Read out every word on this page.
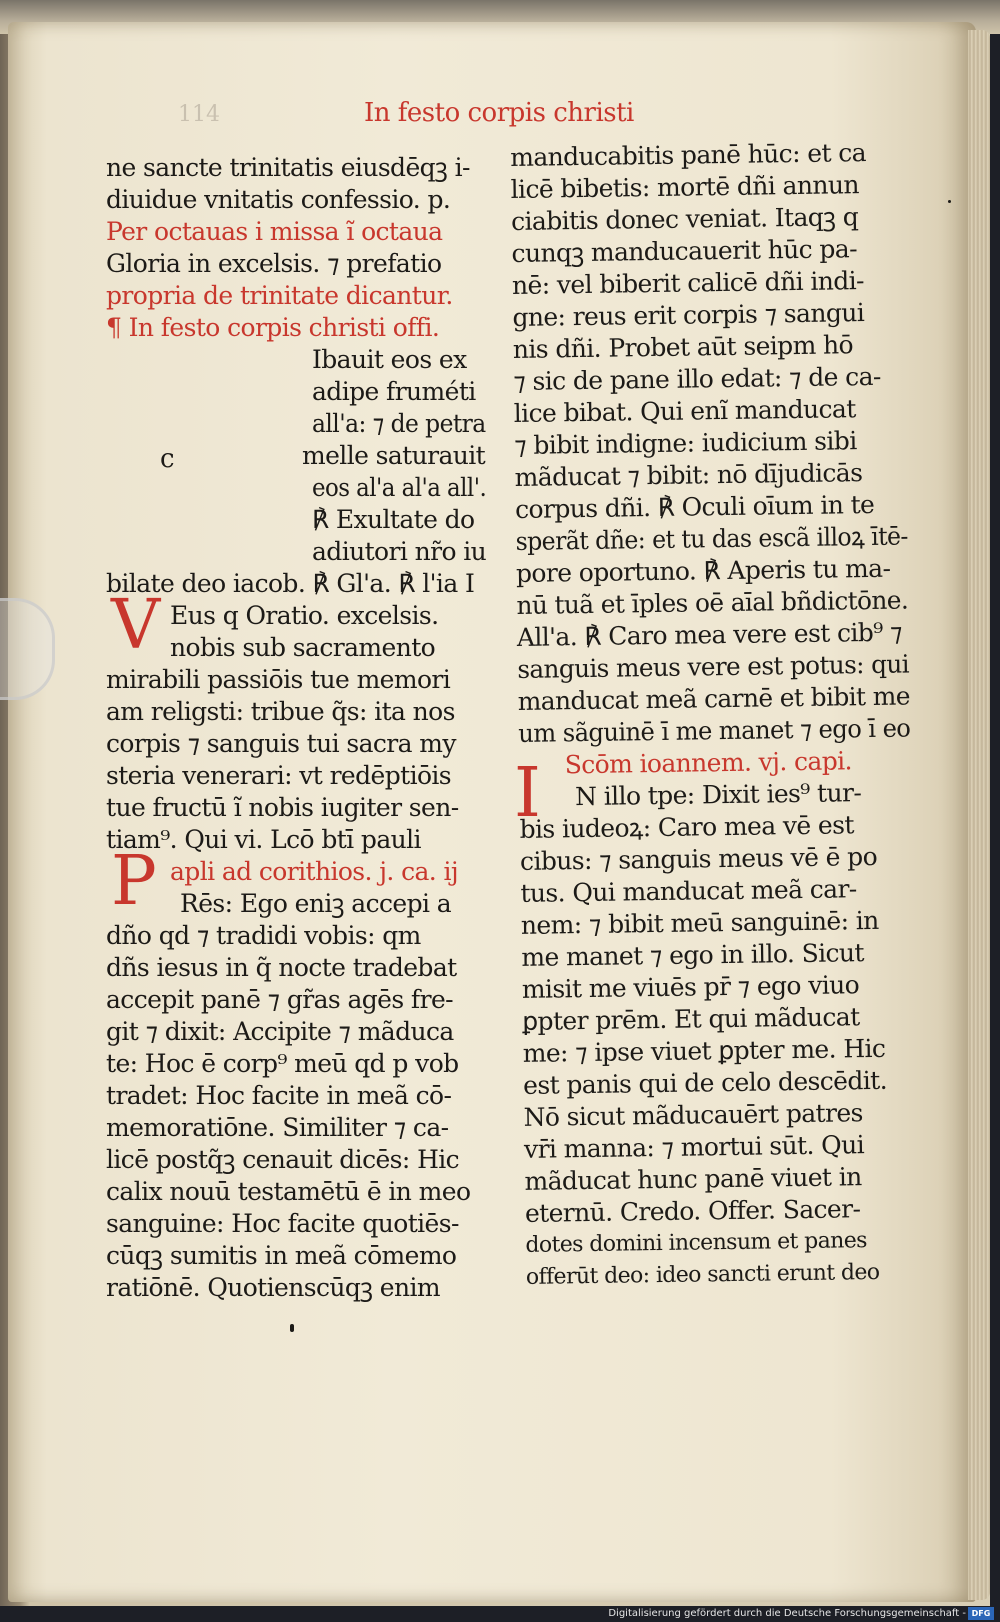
114	In festo corpis christi
c
V
P
I
ne sancte trinitatis eiusdēqꝫ i-
diuidue vnitatis confessio. p.
Per octauas i missa ĩ octaua
Gloria in excelsis. ⁊ prefatio
propria de trinitate dicantur.
¶ In festo corpis christi offi.
Ibauit eos ex
adipe fruméti
all'a: ⁊ de petra
melle saturauit
eos al'a al'a all'.
℟ Exultate do
adiutori nr̃o iu
bilate deo iacob. ℟ Gl'a. ℟ l'ia I
Eus q Oratio. excelsis.
nobis sub sacramento
mirabili passiōis tue memori
am religsti: tribue q̃s: ita nos
corpis ⁊ sanguis tui sacra my
steria venerari: vt redēptiōis
tue fructū ĩ nobis iugiter sen-
tiam⁹. Qui vi. Lcō btī pauli
apli ad corithios. j. ca. ij
Rēs: Ego eniꝫ accepi a
dño qd ⁊ tradidi vobis: qm
dñs iesus in q̃ nocte tradebat
accepit panē ⁊ gr̃as agēs fre-
git ⁊ dixit: Accipite ⁊ mãduca
te: Hoc ē corp⁹ meū qd p vob
tradet: Hoc facite in meã cō-
memoratiōne. Similiter ⁊ ca-
licē postq̃ꝫ cenauit dicēs: Hic
calix nouū testamētū ē in meo
sanguine: Hoc facite quotiēs-
cūqꝫ sumitis in meã cōmemo
ratiōnē. Quotienscūqꝫ enim
manducabitis panē hūc: et ca
licē bibetis: mortē dñi annun
ciabitis donec veniat. Itaqꝫ q
cunqꝫ manducauerit hūc pa-
nē: vel biberit calicē dñi indi-
gne: reus erit corpis ⁊ sangui
nis dñi. Probet aūt seipm hō
⁊ sic de pane illo edat: ⁊ de ca-
lice bibat. Qui enĩ manducat
⁊ bibit indigne: iudicium sibi
mãducat ⁊ bibit: nō dījudicās
corpus dñi. ℟ Oculi oīum in te
sperãt dñe: et tu das escã illoꝝ ītē-
pore oportuno. ℟ Aperis tu ma-
nū tuã et īples oē aīal bñdictōne.
All'a. ℟ Caro mea vere est cib⁹ ⁊
sanguis meus vere est potus: qui
manducat meã carnē et bibit me
um sãguinē ī me manet ⁊ ego ī eo
Scōm ioannem. vj. capi.
N illo tpe: Dixit ies⁹ tur-
bis iudeoꝝ: Caro mea vē est
cibus: ⁊ sanguis meus vē ē po
tus. Qui manducat meã car-
nem: ⁊ bibit meū sanguinē: in
me manet ⁊ ego in illo. Sicut
misit me viuēs pr̄ ⁊ ego viuo
ꝑpter prēm. Et qui mãducat
me: ⁊ ipse viuet ꝑpter me. Hic
est panis qui de celo descēdit.
Nō sicut mãducauērt patres
vr̄i manna: ⁊ mortui sūt. Qui
mãducat hunc panē viuet in
eternū. Credo. Offer. Sacer-
dotes domini incensum et panes
offerūt deo: ideo sancti erunt deo
Digitalisierung gefördert durch die Deutsche Forschungsgemeinschaft - DFG
